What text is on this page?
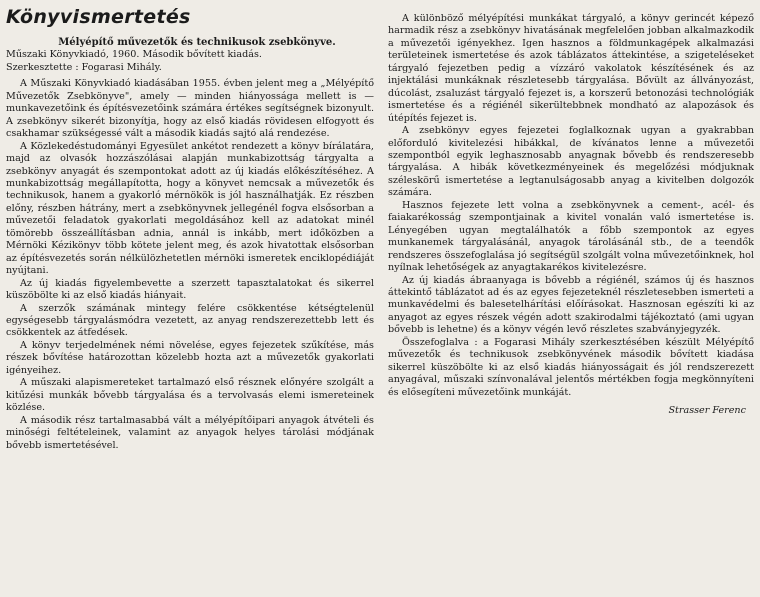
Könyvismertetés

Mélyépítő művezetők és technikusok zsebkönyve.

Műszaki Könyvkiadó, 1960. Második bővített kiadás.

Szerkesztette : Fogarasi Mihály.

A Műszaki Könyvkiadó kiadásában 1955. évben jelent meg a „Mélyépítő Művezetők Zsebkönyve", amely — minden hiányossága mellett is — munkavezetőink és építésvezetőink számára értékes segítségnek bizonyult. A zsebkönyv sikerét bizonyítja, hogy az első kiadás rövidesen elfogyott és csakhamar szükségessé vált a második kiadás sajtó alá rendezése.

A Közlekedéstudományi Egyesület ankétot rendezett a könyv bírálatára, majd az olvasók hozzászólásai alapján munkabizottság tárgyalta a zsebkönyv anyagát és szempontokat adott az új kiadás előkészítéséhez. A munkabizottság megállapította, hogy a könyvet nemcsak a művezetők és technikusok, hanem a gyakorló mérnökök is jól használhatják. Ez részben előny, részben hátrány, mert a zsebkönyvnek jellegénél fogva elsősorban a művezetői feladatok gyakorlati megoldásához kell az adatokat minél tömörebb összeállításban adnia, annál is inkább, mert időközben a Mérnöki Kézikönyv több kötete jelent meg, és azok hivatottak elsősorban az építésvezetés során nélkülözhetetlen mérnöki ismeretek enciklopédiáját nyújtani.

Az új kiadás figyelembevette a szerzett tapasztalatokat és sikerrel küszöbölte ki az első kiadás hiányait.

A szerzők számának mintegy felére csökkentése kétségtelenül egységesebb tárgyalásmódra vezetett, az anyag rendszerezettebb lett és csökkentek az átfedések.

A könyv terjedelmének némi növelése, egyes fejezetek szűkítése, más részek bővítése határozottan közelebb hozta azt a művezetők gyakorlati igényeihez.

A műszaki alapismereteket tartalmazó első résznek előnyére szolgált a kitűzési munkák bővebb tárgyalása és a tervolvasás elemi ismereteinek közlése.

A második rész tartalmasabbá vált a mélyépítőipari anyagok átvételi és minőségi feltételeinek, valamint az anyagok helyes tárolási módjának bővebb ismertetésével.

A különböző mélyépítési munkákat tárgyaló, a könyv gerincét képező harmadik rész a zsebkönyv hivatásának megfelelően jobban alkalmazkodik a művezetői igényekhez. Igen hasznos a földmunkagépek alkalmazási területeinek ismertetése és azok táblázatos áttekintése, a szigeteléseket tárgyaló fejezetben pedig a vízzáró vakolatok készítésének és az injektálási munkáknak részletesebb tárgyalása. Bővült az állványozást, dúcolást, zsaluzást tárgyaló fejezet is, a korszerű betonozási technológiák ismertetése és a régiénél sikerültebbnek mondható az alapozások és útépítés fejezet is.

A zsebkönyv egyes fejezetei foglalkoznak ugyan a gyakrabban előforduló kivitelezési hibákkal, de kívánatos lenne a művezetői szempontból egyik leghasznosabb anyagnak bővebb és rendszeresebb tárgyalása. A hibák következményeinek és megelőzési módjuknak széleskörű ismertetése a legtanulságosabb anyag a kivitelben dolgozók számára.

Hasznos fejezete lett volna a zsebkönyvnek a cement-, acél- és faiakarékosság szempontjainak a kivitel vonalán való ismertetése is. Lényegében ugyan megtalálhatók a főbb szempontok az egyes munkanemek tárgyalásánál, anyagok tárolásánál stb., de a teendők rendszeres összefoglalása jó segítségül szolgált volna művezetőinknek, hol nyílnak lehetőségek az anyagtakarékos kivitelezésre.

Az új kiadás ábraanyaga is bővebb a régiénél, számos új és hasznos áttekintő táblázatot ad és az egyes fejezeteknél részletesebben ismerteti a munkavédelmi és balesetelhárítási előírásokat. Hasznosan egészíti ki az anyagot az egyes részek végén adott szakirodalmi tájékoztató (ami ugyan bővebb is lehetne) és a könyv végén levő részletes szabványjegyzék.

Összefoglalva : a Fogarasi Mihály szerkesztésében készült Mélyépítő művezetők és technikusok zsebkönyvének második bővített kiadása sikerrel küszöbölte ki az első kiadás hiányosságait és jól rendszerezett anyagával, műszaki színvonalával jelentős mértékben fogja megkönnyíteni és elősegíteni művezetőink munkáját.

Strasser Ferenc
